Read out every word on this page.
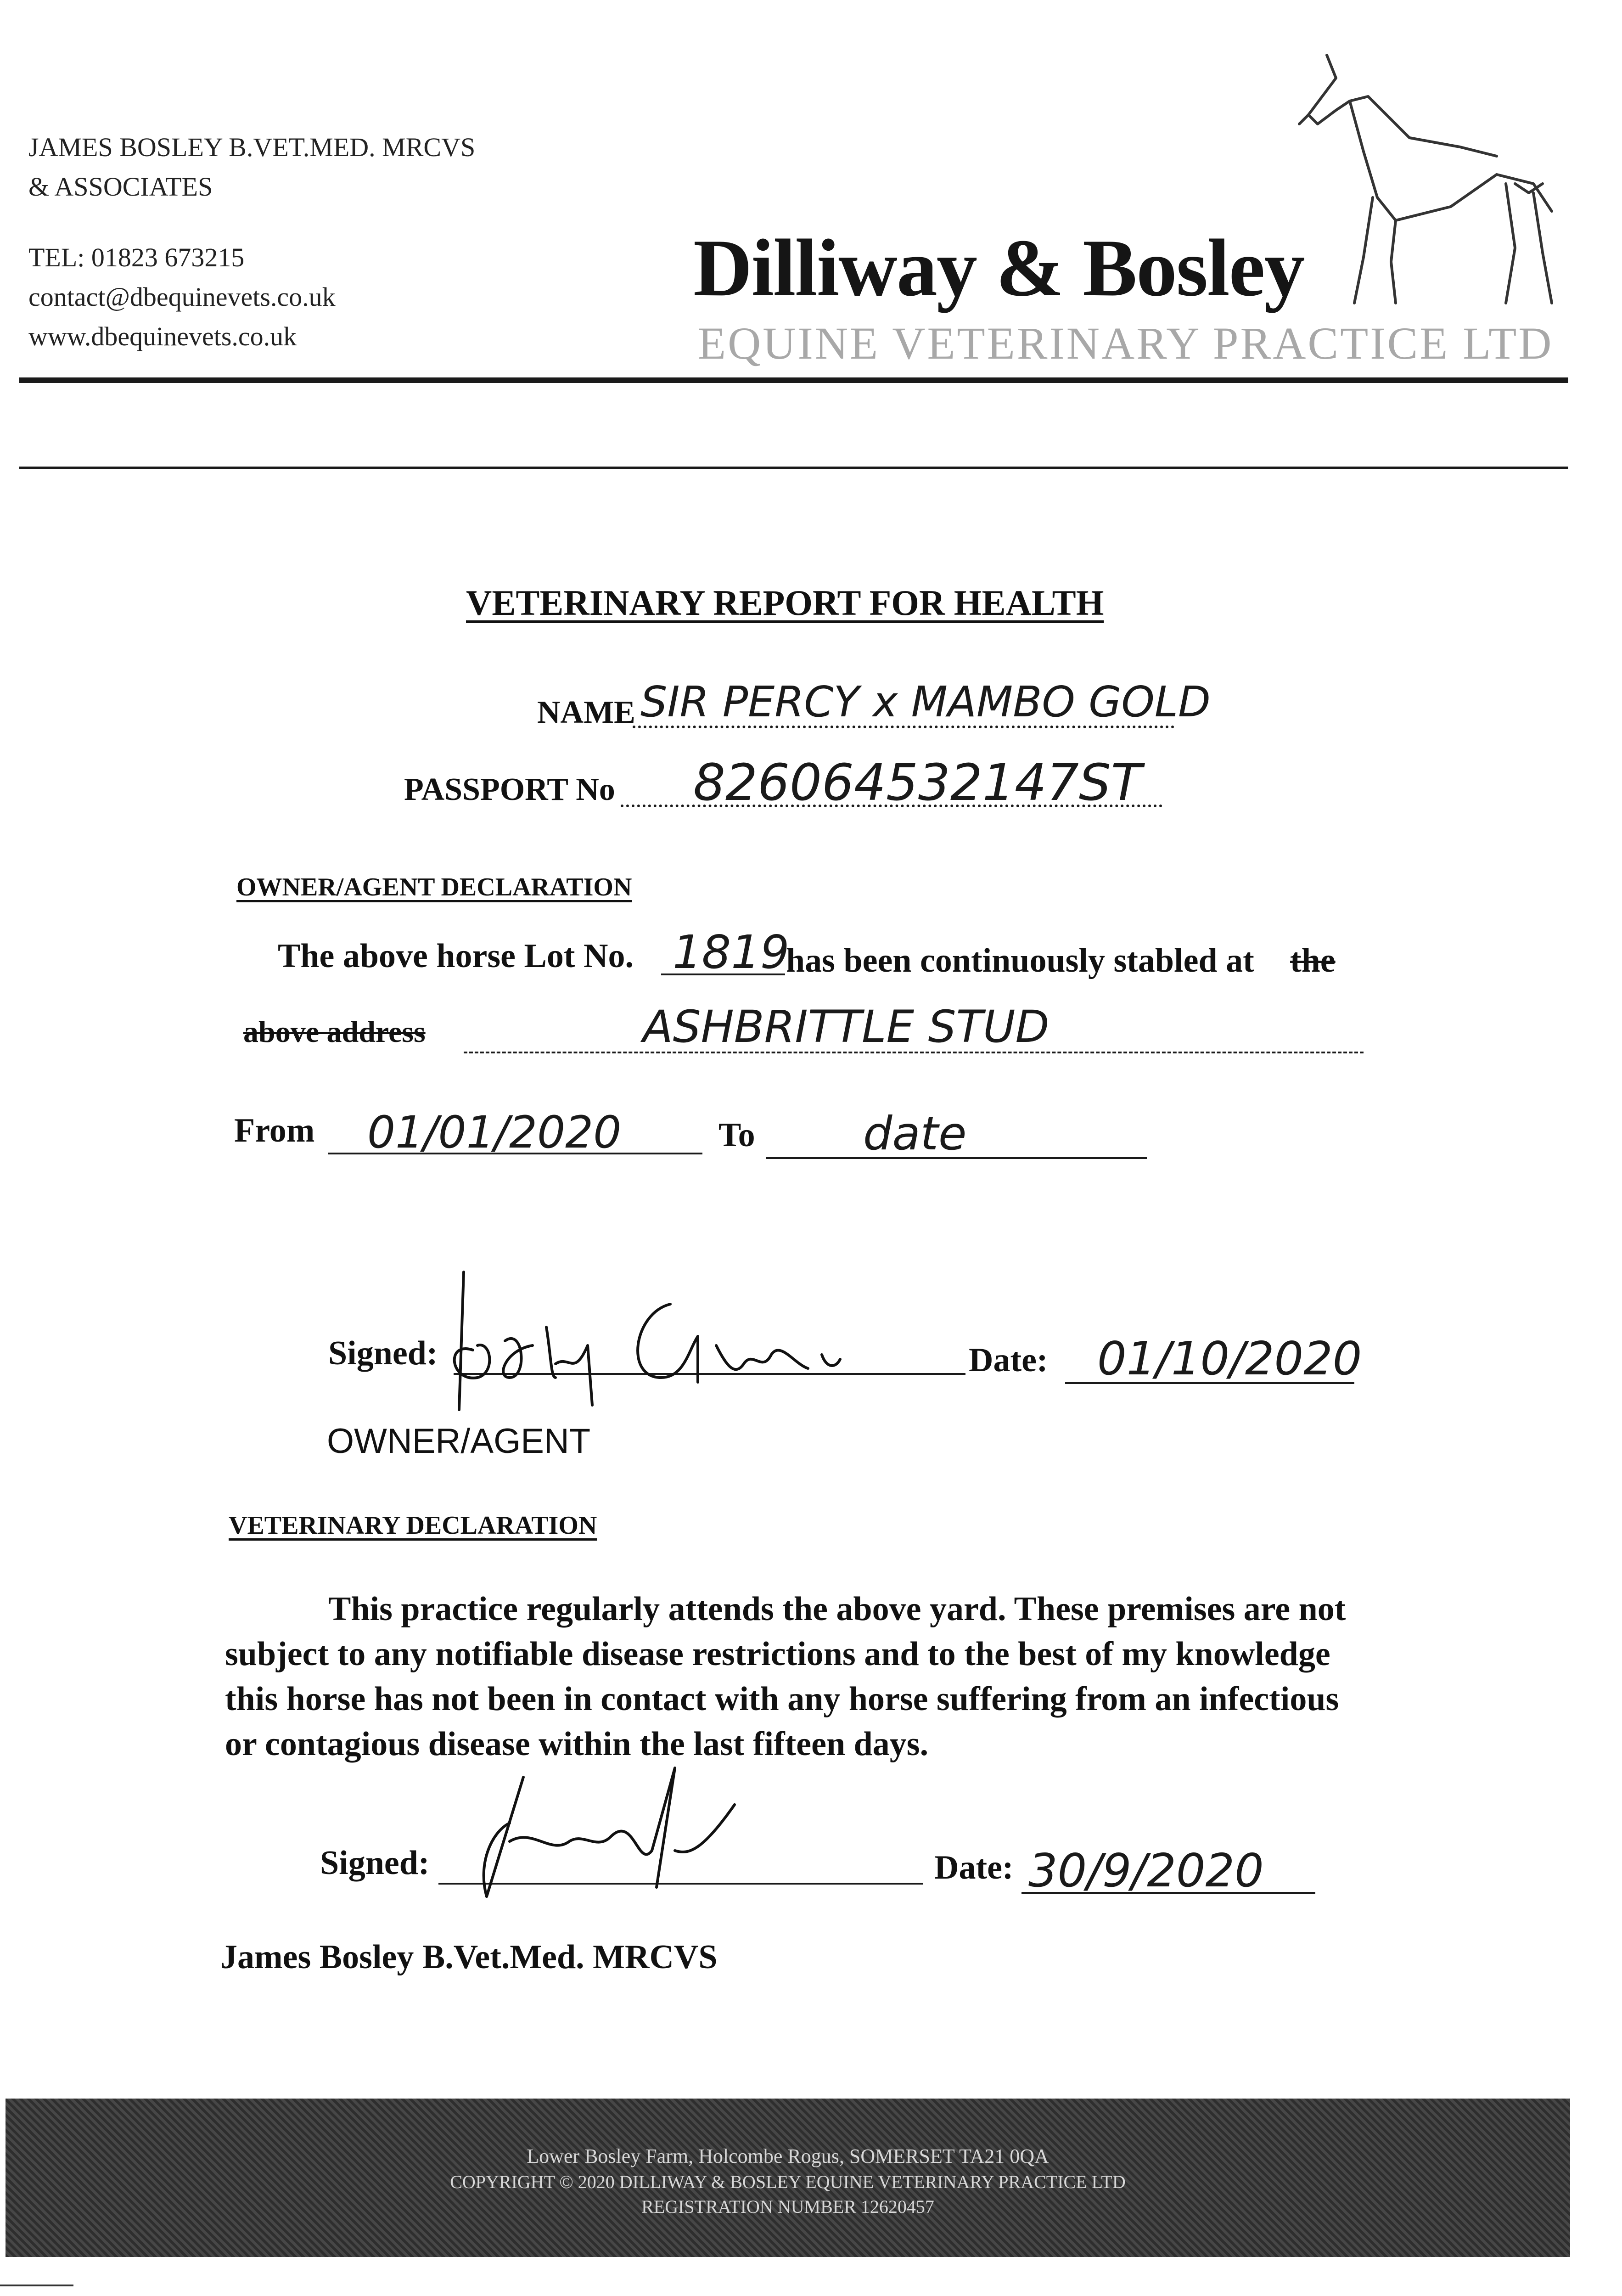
JAMES BOSLEY B.VET.MED. MRCVS
& ASSOCIATES
TEL: 01823 673215
contact@dbequinevets.co.uk
www.dbequinevets.co.uk
Dilliway & Bosley
EQUINE VETERINARY PRACTICE LTD
VETERINARY REPORT FOR HEALTH
NAME SIR PERCY x MAMBO GOLD
PASSPORT No 826064532147ST
OWNER/AGENT DECLARATION
The above horse Lot No. 1819
has been continuously stabled at the
above address	ASHBRITTLE STUD
From 01/01/2020	To date
Signed:	Date: 01/10/2020
OWNER/AGENT
VETERINARY DECLARATION
This practice regularly attends the above yard. These premises are not subject to any notifiable disease restrictions and to the best of my knowledge this horse has not been in contact with any horse suffering from an infectious or contagious disease within the last fifteen days.
Signed:	Date: 30/9/2020
James Bosley B.Vet.Med. MRCVS
Lower Bosley Farm, Holcombe Rogus, SOMERSET TA21 0QA
COPYRIGHT © 2020 DILLIWAY & BOSLEY EQUINE VETERINARY PRACTICE LTD
REGISTRATION NUMBER 12620457
